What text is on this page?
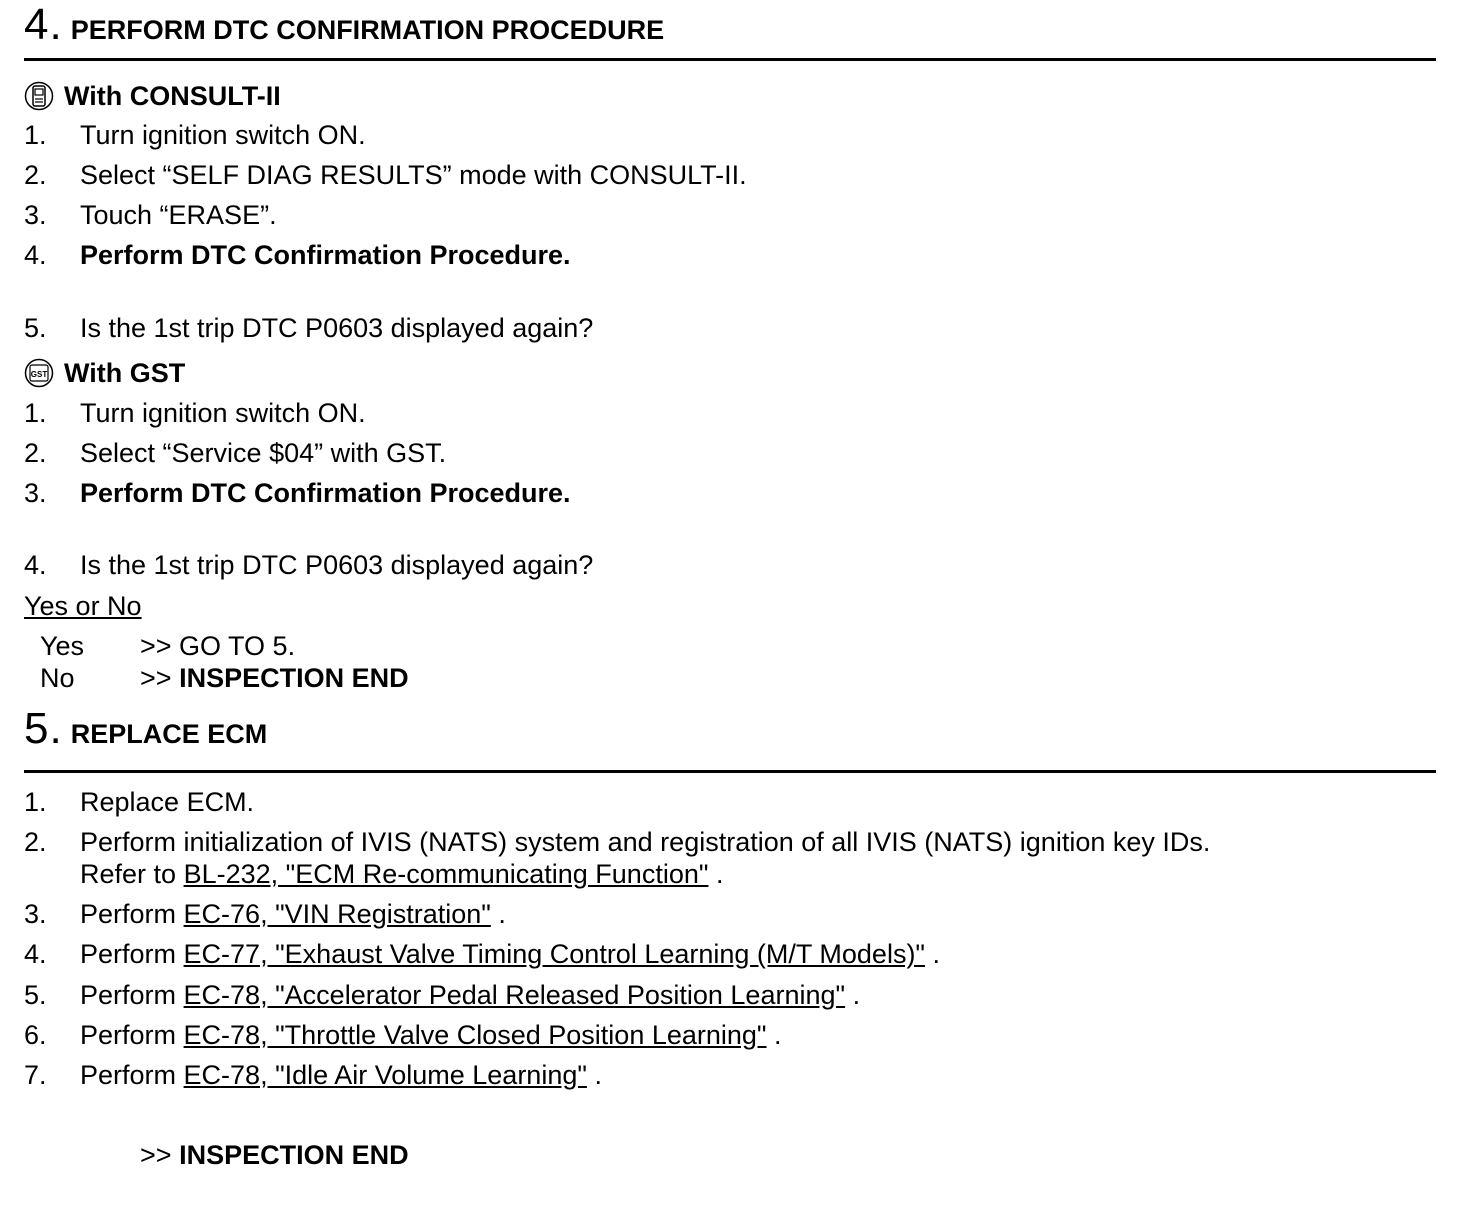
4. PERFORM DTC CONFIRMATION PROCEDURE
With CONSULT-II
1. Turn ignition switch ON.
2. Select “SELF DIAG RESULTS” mode with CONSULT-II.
3. Touch “ERASE”.
4. Perform DTC Confirmation Procedure.
5. Is the 1st trip DTC P0603 displayed again?
GST With GST
1. Turn ignition switch ON.
2. Select “Service $04” with GST.
3. Perform DTC Confirmation Procedure.
4. Is the 1st trip DTC P0603 displayed again?
Yes or No
Yes >> GO TO 5.
No >> INSPECTION END
5. REPLACE ECM
1. Replace ECM.
2. Perform initialization of IVIS (NATS) system and registration of all IVIS (NATS) ignition key IDs.
Refer to BL-232, "ECM Re-communicating Function" .
3. Perform EC-76, "VIN Registration" .
4. Perform EC-77, "Exhaust Valve Timing Control Learning (M/T Models)" .
5. Perform EC-78, "Accelerator Pedal Released Position Learning" .
6. Perform EC-78, "Throttle Valve Closed Position Learning" .
7. Perform EC-78, "Idle Air Volume Learning" .
>> INSPECTION END
